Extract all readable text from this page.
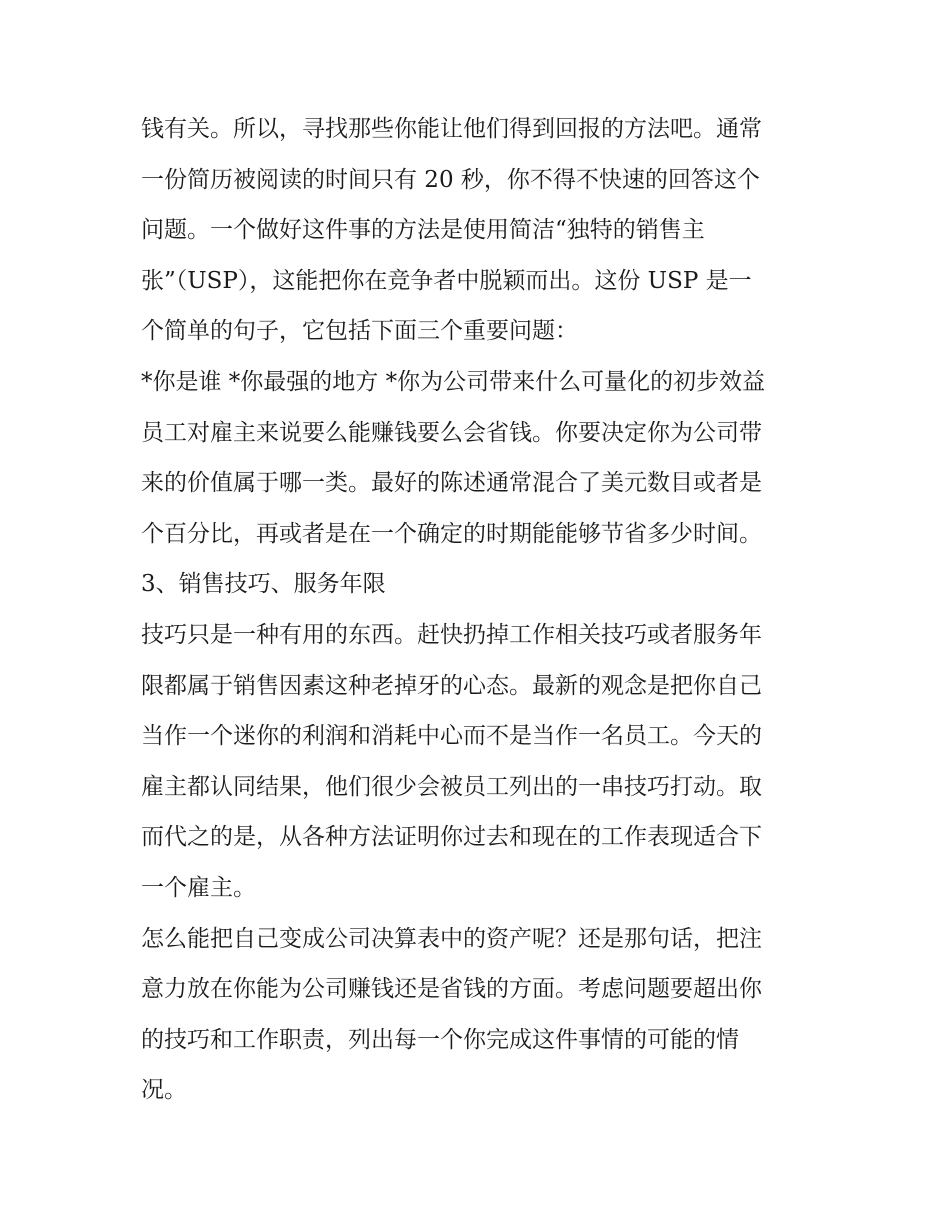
钱有关。所以，寻找那些你能让他们得到回报的方法吧。通常
一份简历被阅读的时间只有 20 秒，你不得不快速的回答这个
问题。一个做好这件事的方法是使用简洁“独特的销售主
张”（USP），这能把你在竞争者中脱颖而出。这份 USP 是一
个简单的句子，它包括下面三个重要问题：
*你是谁 *你最强的地方 *你为公司带来什么可量化的初步效益
员工对雇主来说要么能赚钱要么会省钱。你要决定你为公司带
来的价值属于哪一类。最好的陈述通常混合了美元数目或者是
个百分比，再或者是在一个确定的时期能能够节省多少时间。
3、销售技巧、服务年限
技巧只是一种有用的东西。赶快扔掉工作相关技巧或者服务年
限都属于销售因素这种老掉牙的心态。最新的观念是把你自己
当作一个迷你的利润和消耗中心而不是当作一名员工。今天的
雇主都认同结果，他们很少会被员工列出的一串技巧打动。取
而代之的是，从各种方法证明你过去和现在的工作表现适合下
一个雇主。
怎么能把自己变成公司决算表中的资产呢？还是那句话，把注
意力放在你能为公司赚钱还是省钱的方面。考虑问题要超出你
的技巧和工作职责，列出每一个你完成这件事情的可能的情
况。
